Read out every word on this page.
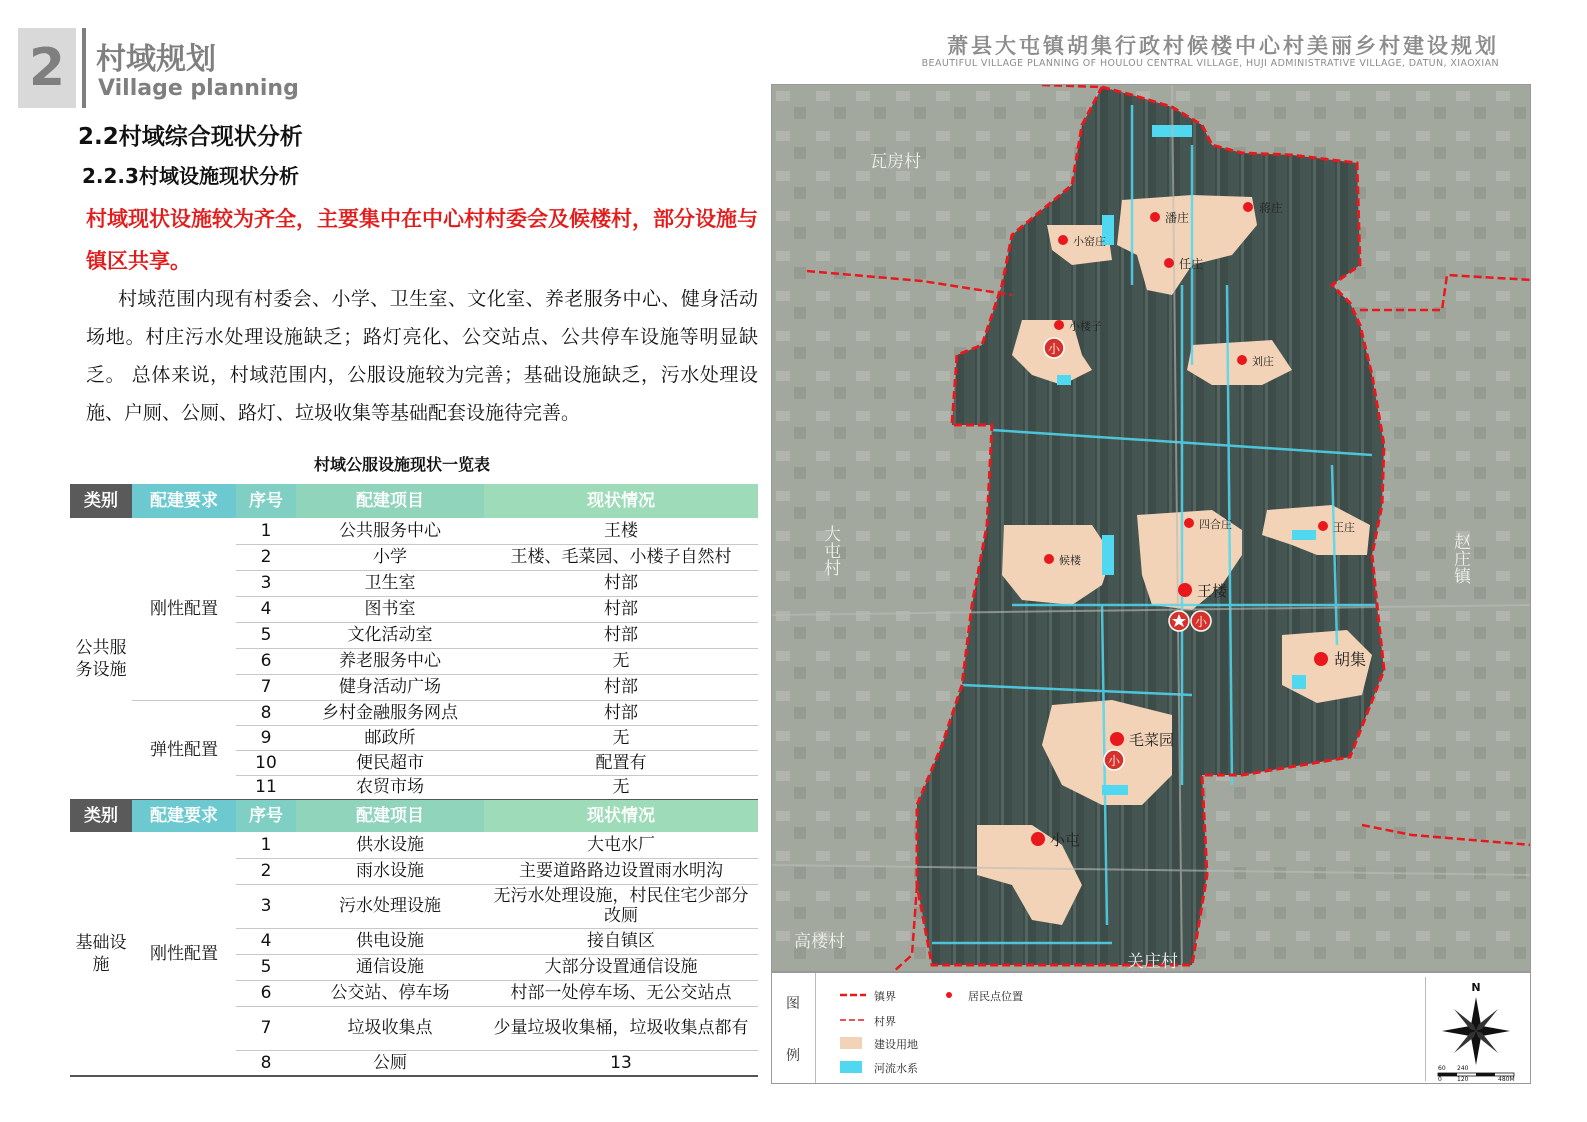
2	村域规划
Village planning
萧县大屯镇胡集行政村候楼中心村美丽乡村建设规划
BEAUTIFUL VILLAGE PLANNING OF HOULOU CENTRAL VILLAGE, HUJI ADMINISTRATIVE VILLAGE, DATUN, XIAOXIAN
2.2村域综合现状分析
2.2.3村域设施现状分析
村域现状设施较为齐全，主要集中在中心村村委会及候楼村，部分设施与镇区共享。
村域范围内现有村委会、小学、卫生室、文化室、养老服务中心、健身活动场地。村庄污水处理设施缺乏；路灯亮化、公交站点、公共停车设施等明显缺乏。 总体来说，村域范围内，公服设施较为完善；基础设施缺乏，污水处理设施、户厕、公厕、路灯、垃圾收集等基础配套设施待完善。
村域公服设施现状一览表
类别	配建要求	序号	配建项目	现状情况
公共服务设施	刚性配置	1	公共服务中心	王楼
		2	小学	王楼、毛菜园、小楼子自然村
		3	卫生室	村部
		4	图书室	村部
		5	文化活动室	村部
		6	养老服务中心	无
		7	健身活动广场	村部
	弹性配置	8	乡村金融服务网点	村部
		9	邮政所	无
		10	便民超市	配置有
		11	农贸市场	无
类别	配建要求	序号	配建项目	现状情况
基础设施	刚性配置	1	供水设施	大屯水厂
		2	雨水设施	主要道路路边设置雨水明沟
		3	污水处理设施	无污水处理设施，村民住宅少部分改厕
		4	供电设施	接自镇区
		5	通信设施	大部分设置通信设施
		6	公交站、停车场	村部一处停车场、无公交站点
		7	垃圾收集点	少量垃圾收集桶，垃圾收集点都有
		8	公厕	13
瓦房村
高楼村
关庄村
大屯村	赵庄镇
蒋庄
潘庄
小窑庄
任庄
小楼子
刘庄
四合庄	王庄
候楼
王楼
胡集
毛菜园
小屯
小
小
小
图
例
镇界
村界
建设用地
河流水系
居民点位置
N
60 240
0	120	480M
